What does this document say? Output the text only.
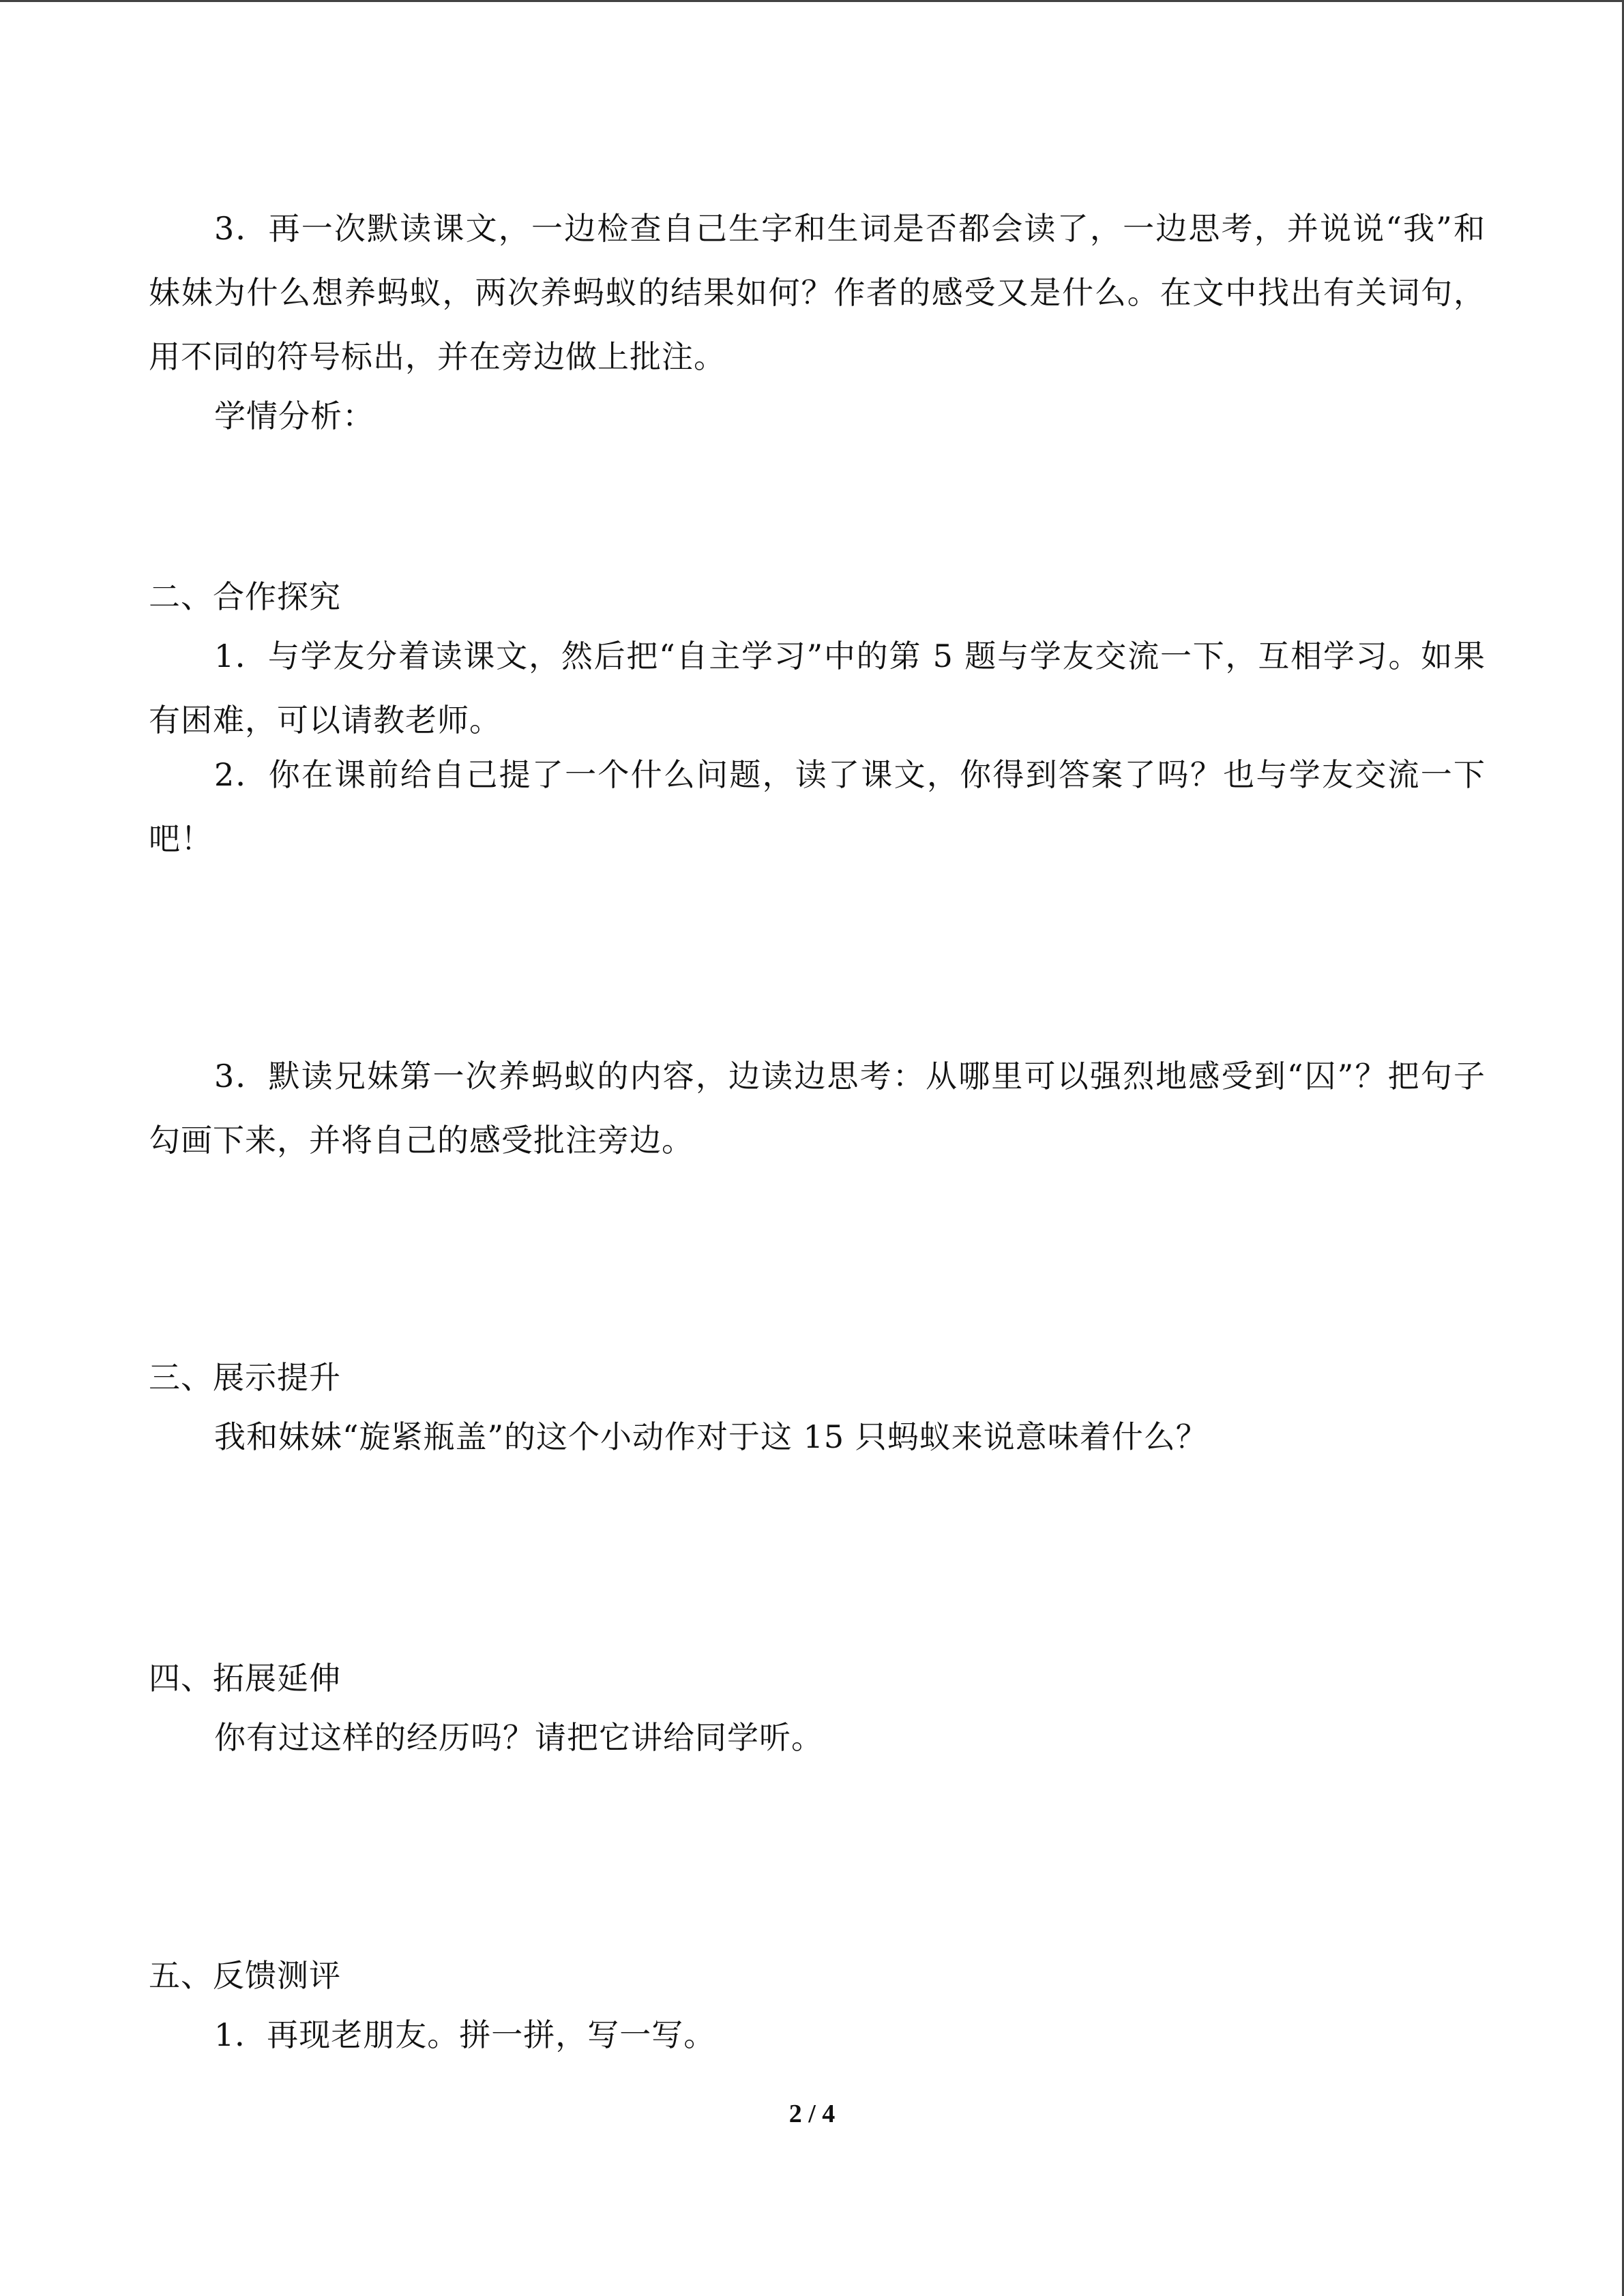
3．再一次默读课文，一边检查自己生字和生词是否都会读了，一边思考，并说说“我”和妹妹为什么想养蚂蚁，两次养蚂蚁的结果如何？作者的感受又是什么。在文中找出有关词句，用不同的符号标出，并在旁边做上批注。

学情分析：

二、合作探究

1．与学友分着读课文，然后把“自主学习”中的第 5 题与学友交流一下，互相学习。如果有困难，可以请教老师。

2．你在课前给自己提了一个什么问题，读了课文，你得到答案了吗？也与学友交流一下吧！

3．默读兄妹第一次养蚂蚁的内容，边读边思考：从哪里可以强烈地感受到“囚”？把句子勾画下来，并将自己的感受批注旁边。

三、展示提升

我和妹妹“旋紧瓶盖”的这个小动作对于这 15 只蚂蚁来说意味着什么？

四、拓展延伸

你有过这样的经历吗？请把它讲给同学听。

五、反馈测评

1．再现老朋友。拼一拼，写一写。

2 / 4
